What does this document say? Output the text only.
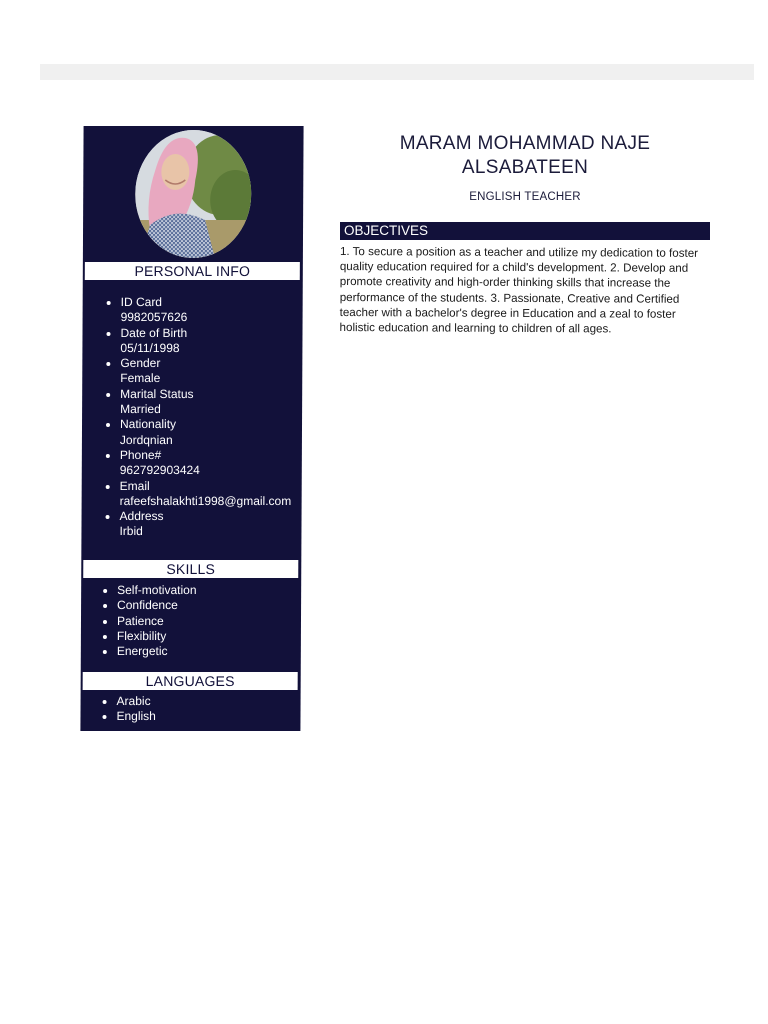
PERSONAL INFO
ID Card
9982057626
Date of Birth
05/11/1998
Gender
Female
Marital Status
Married
Nationality
Jordqnian
Phone#
962792903424
Email
rafeefshalakhti1998@gmail.com
Address
Irbid
SKILLS
Self-motivation
Confidence
Patience
Flexibility
Energetic
LANGUAGES
Arabic
English
MARAM MOHAMMAD NAJE ALSABATEEN
ENGLISH TEACHER
OBJECTIVES
1. To secure a position as a teacher and utilize my dedication to foster quality education required for a child's development. 2. Develop and promote creativity and high-order thinking skills that increase the performance of the students. 3. Passionate, Creative and Certified teacher with a bachelor's degree in Education and a zeal to foster holistic education and learning to children of all ages.
